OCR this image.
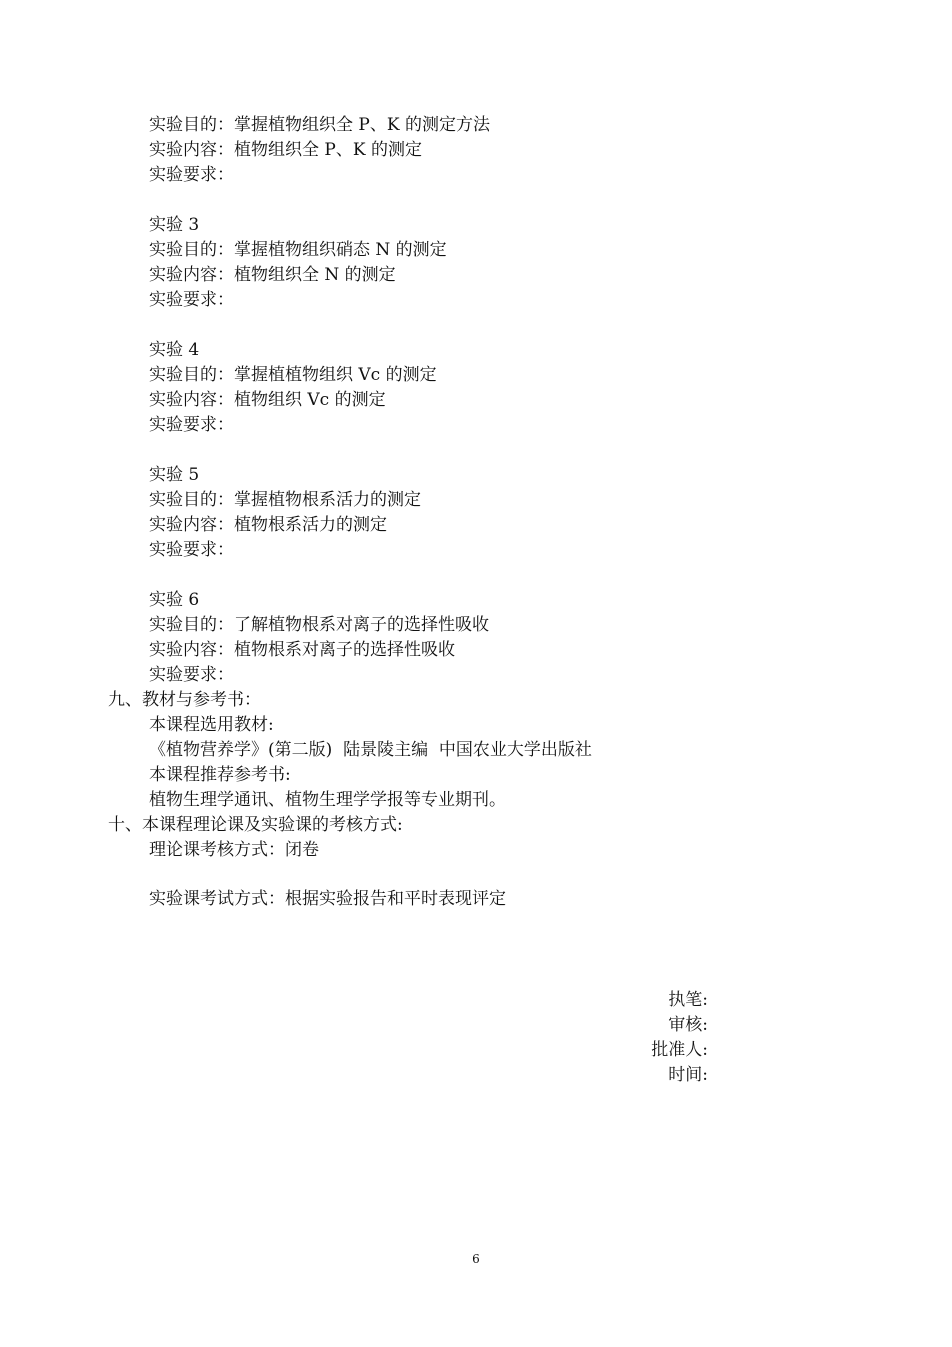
实验目的：掌握植物组织全 P、K 的测定方法
实验内容：植物组织全 P、K 的测定
实验要求：
实验 3
实验目的：掌握植物组织硝态 N 的测定
实验内容：植物组织全 N 的测定
实验要求：
实验 4
实验目的：掌握植植物组织 Vc 的测定
实验内容：植物组织 Vc 的测定
实验要求：
实验 5
实验目的：掌握植物根系活力的测定
实验内容：植物根系活力的测定
实验要求：
实验 6
实验目的：了解植物根系对离子的选择性吸收
实验内容：植物根系对离子的选择性吸收
实验要求：
九、教材与参考书：
本课程选用教材:
《植物营养学》(第二版)  陆景陵主编  中国农业大学出版社
本课程推荐参考书:
植物生理学通讯、植物生理学学报等专业期刊。
十、本课程理论课及实验课的考核方式:
理论课考核方式：闭卷
实验课考试方式：根据实验报告和平时表现评定
执笔:
审核:
批准人:
时间:
6
